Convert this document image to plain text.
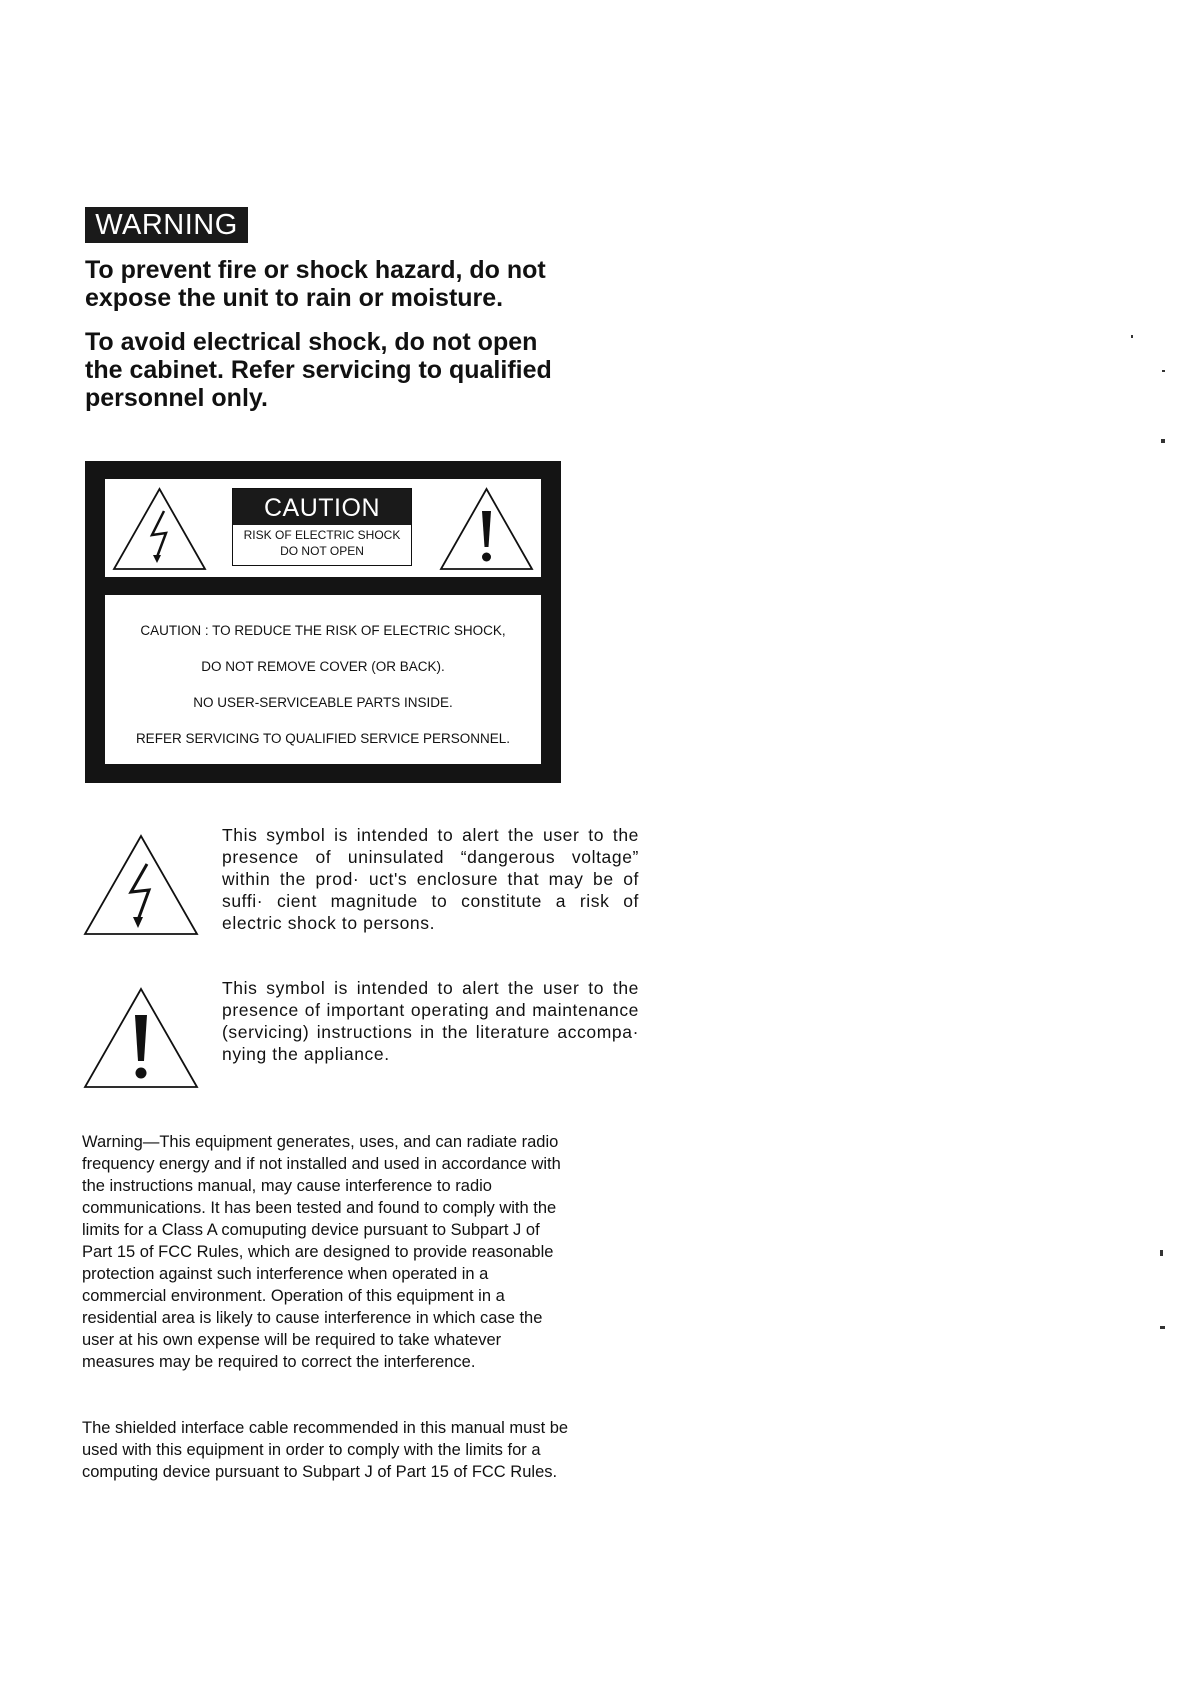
WARNING

To prevent fire or shock hazard, do not expose the unit to rain or moisture.

To avoid electrical shock, do not open the cabinet. Refer servicing to qualified personnel only.

CAUTION
RISK OF ELECTRIC SHOCK
DO NOT OPEN
CAUTION : TO REDUCE THE RISK OF ELECTRIC SHOCK,
DO NOT REMOVE COVER (OR BACK).
NO USER-SERVICEABLE PARTS INSIDE.
REFER SERVICING TO QUALIFIED SERVICE PERSONNEL.
This symbol is intended to alert the user to the presence of uninsulated “dangerous voltage” within the prod· uct's enclosure that may be of suffi· cient magnitude to constitute a risk of electric shock to persons.
This symbol is intended to alert the user to the presence of important operating and maintenance (servicing) instructions in the literature accompa· nying the appliance.

Warning—This equipment generates, uses, and can radiate radio frequency energy and if not installed and used in accordance with the instructions manual, may cause interference to radio communications. It has been tested and found to comply with the limits for a Class A comuputing device pursuant to Subpart J of Part 15 of FCC Rules, which are designed to provide reasonable protection against such interference when operated in a commercial environment. Operation of this equipment in a residential area is likely to cause interference in which case the user at his own expense will be required to take whatever measures may be required to correct the interference.

The shielded interface cable recommended in this manual must be used with this equipment in order to comply with the limits for a computing device pursuant to Subpart J of Part 15 of FCC Rules.
